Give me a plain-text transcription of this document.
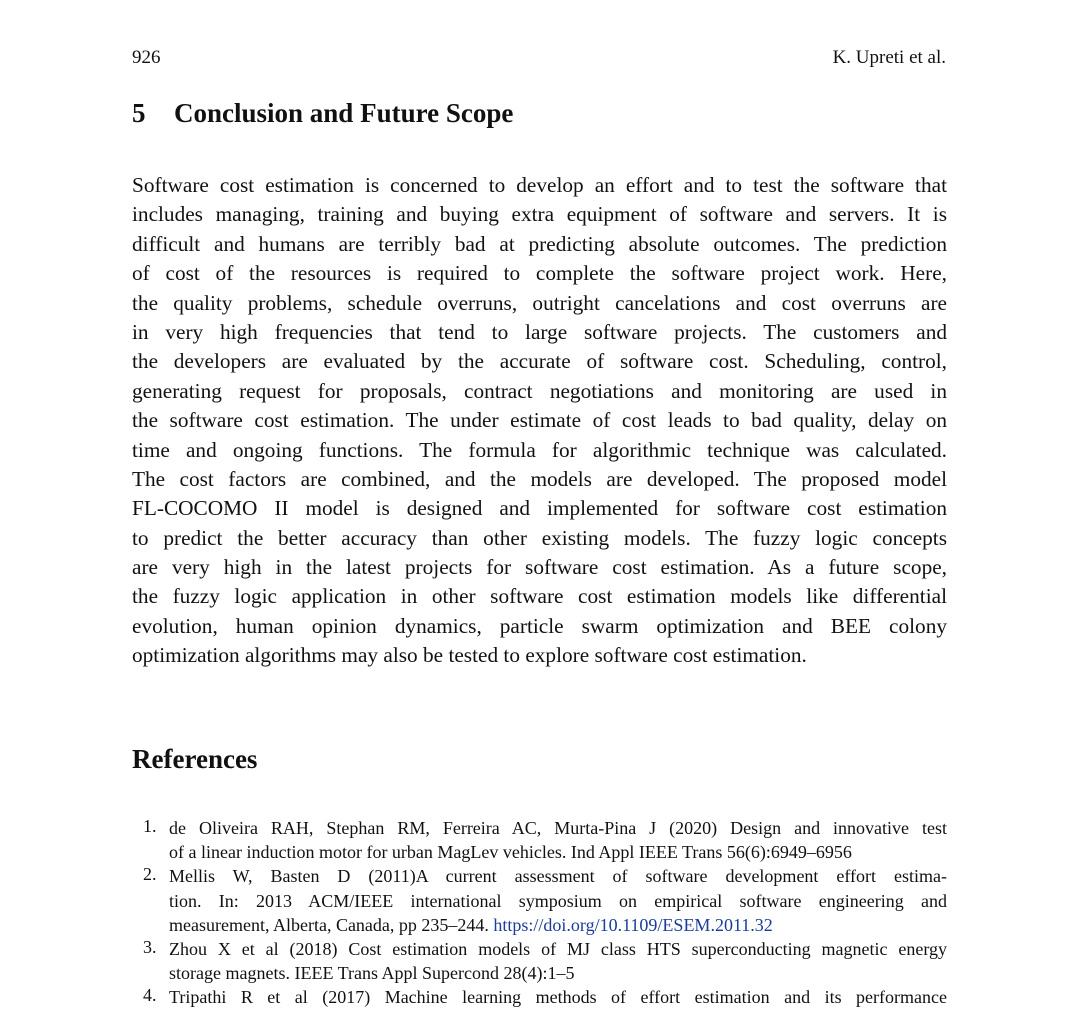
926	K. Upreti et al.
5 Conclusion and Future Scope
Software cost estimation is concerned to develop an effort and to test the software that
includes managing, training and buying extra equipment of software and servers. It is
difficult and humans are terribly bad at predicting absolute outcomes. The prediction
of cost of the resources is required to complete the software project work. Here,
the quality problems, schedule overruns, outright cancelations and cost overruns are
in very high frequencies that tend to large software projects. The customers and
the developers are evaluated by the accurate of software cost. Scheduling, control,
generating request for proposals, contract negotiations and monitoring are used in
the software cost estimation. The under estimate of cost leads to bad quality, delay on
time and ongoing functions. The formula for algorithmic technique was calculated.
The cost factors are combined, and the models are developed. The proposed model
FL-COCOMO II model is designed and implemented for software cost estimation
to predict the better accuracy than other existing models. The fuzzy logic concepts
are very high in the latest projects for software cost estimation. As a future scope,
the fuzzy logic application in other software cost estimation models like differential
evolution, human opinion dynamics, particle swarm optimization and BEE colony
optimization algorithms may also be tested to explore software cost estimation.
References
1. de Oliveira RAH, Stephan RM, Ferreira AC, Murta-Pina J (2020) Design and innovative test
of a linear induction motor for urban MagLev vehicles. Ind Appl IEEE Trans 56(6):6949–6956
2. Mellis W, Basten D (2011)A current assessment of software development effort estima-
tion. In: 2013 ACM/IEEE international symposium on empirical software engineering and
measurement, Alberta, Canada, pp 235–244. https://doi.org/10.1109/ESEM.2011.32
3. Zhou X et al (2018) Cost estimation models of MJ class HTS superconducting magnetic energy
storage magnets. IEEE Trans Appl Supercond 28(4):1–5
4. Tripathi R et al (2017) Machine learning methods of effort estimation and its performance
